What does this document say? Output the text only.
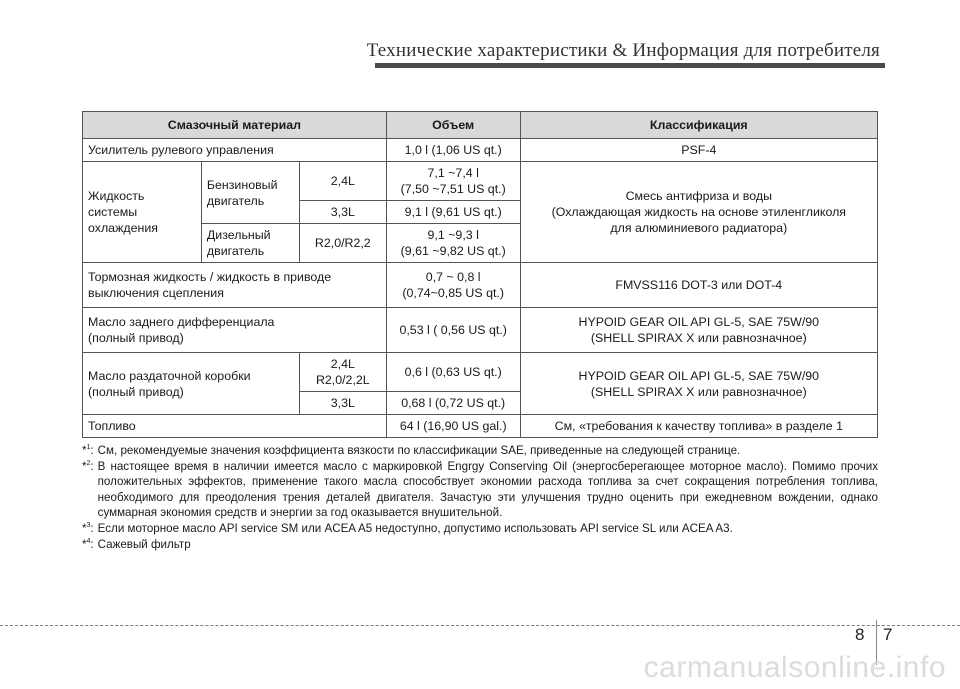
Технические характеристики & Информация для потребителя
Смазочный материал			Объем	Классификация
Усилитель рулевого управления			1,0 l (1,06 US qt.)	PSF-4
Жидкость системы охлаждения	Бензиновый двигатель	2,4L	7,1 ~7,4 l
(7,50 ~7,51 US qt.)	Смесь антифриза и воды
(Охлаждающая жидкость на основе этиленгликоля
для алюминиевого радиатора)
		3,3L	9,1 l (9,61 US qt.)	
	Дизельный двигатель	R2,0/R2,2	9,1 ~9,3 l
(9,61 ~9,82 US qt.)	
Тормозная жидкость / жидкость в приводе
выключения сцепления			0,7 ~ 0,8 l
(0,74~0,85 US qt.)	FMVSS116 DOT-3 или DOT-4
Масло заднего дифференциала
(полный привод)			0,53 l ( 0,56 US qt.)	HYPOID GEAR OIL API GL-5, SAE 75W/90
(SHELL SPIRAX X или равнозначное)
Масло раздаточной коробки
(полный привод)		2,4L
R2,0/2,2L	0,6 l (0,63 US qt.)	HYPOID GEAR OIL API GL-5, SAE 75W/90
(SHELL SPIRAX X или равнозначное)
		3,3L	0,68 l (0,72 US qt.)	
Топливо			64 l (16,90 US gal.)	См, «требования к качеству топлива» в разделе 1
*$^1$: См, рекомендуемые значения коэффициента вязкости по классификации SAE, приведенные на следующей странице.
*$^2$: В настоящее время в наличии имеется масло с маркировкой Engrgy Conserving Oil (энергосберегающее моторное масло). Помимо прочих положительных эффектов, применение такого масла способствует экономии расхода топлива за счет сокращения потребления топлива, необходимого для преодоления трения деталей двигателя. Зачастую эти улучшения трудно оценить при ежедневном вождении, однако суммарная экономия средств и энергии за год оказывается внушительной.
*$^3$: Если моторное масло API service SM или ACEA A5 недоступно, допустимо использовать API service SL или ACEA A3.
*$^4$: Сажевый фильтр
8 7
carmanualsonline.info
